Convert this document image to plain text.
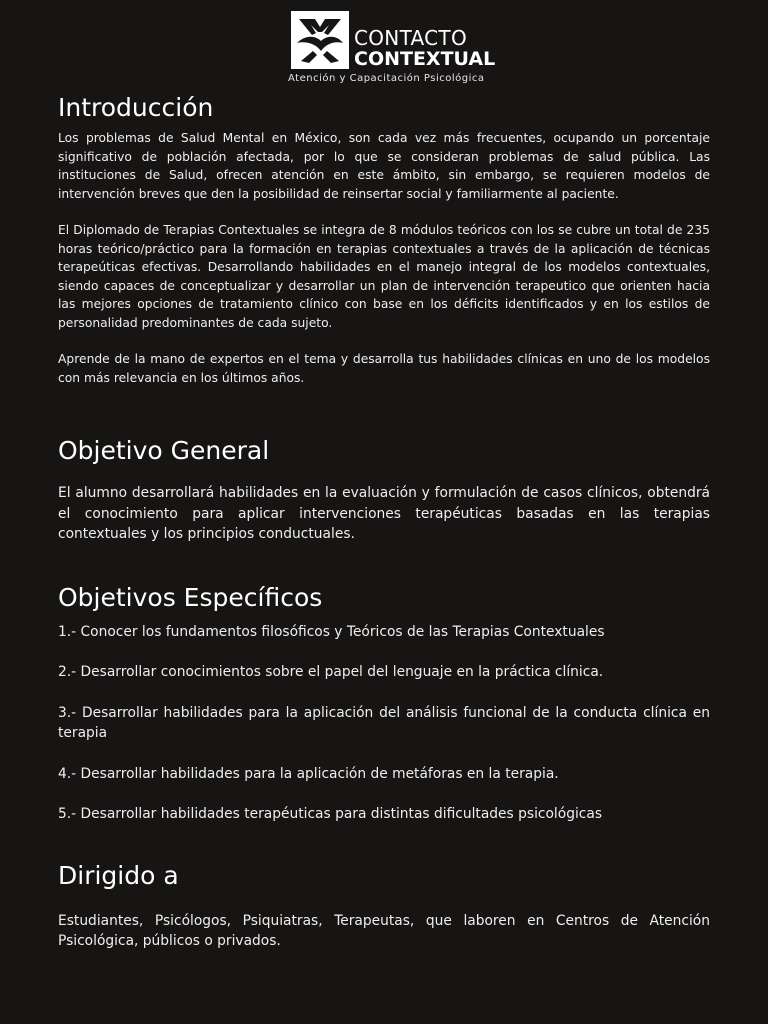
CONTACTO
CONTEXTUAL
Atención y Capacitación Psicológica
Introducción

Los problemas de Salud Mental en México, son cada vez más frecuentes, ocupando un porcentaje significativo de población afectada, por lo que se consideran problemas de salud pública. Las instituciones de Salud, ofrecen atención en este ámbito, sin embargo, se requieren modelos de intervención breves que den la posibilidad de reinsertar social y familiarmente al paciente.

El Diplomado de Terapias Contextuales se integra de 8 módulos teóricos con los se cubre un total de 235 horas teórico/práctico para la formación en terapias contextuales a través de la aplicación de técnicas terapeúticas efectivas. Desarrollando habilidades en el manejo integral de los modelos contextuales, siendo capaces de conceptualizar y desarrollar un plan de intervención terapeutico que orienten hacia las mejores opciones de tratamiento clínico con base en los déficits identificados y en los estilos de personalidad predominantes de cada sujeto.

Aprende de la mano de expertos en el tema y desarrolla tus habilidades clínicas en uno de los modelos con más relevancia en los últimos años.

Objetivo General

El alumno desarrollará habilidades en la evaluación y formulación de casos clínicos, obtendrá el conocimiento para aplicar intervenciones terapéuticas basadas en las terapias contextuales y los principios conductuales.

Objetivos Específicos

1.- Conocer los fundamentos filosóficos y Teóricos de las Terapias Contextuales

2.- Desarrollar conocimientos sobre el papel del lenguaje en la práctica clínica.

3.- Desarrollar habilidades para la aplicación del análisis funcional de la conducta clínica en terapia

4.- Desarrollar habilidades para la aplicación de metáforas en la terapia.

5.- Desarrollar habilidades terapéuticas para distintas dificultades psicológicas

Dirigido a

Estudiantes, Psicólogos, Psiquiatras, Terapeutas, que laboren en Centros de Atención Psicológica, públicos o privados.
